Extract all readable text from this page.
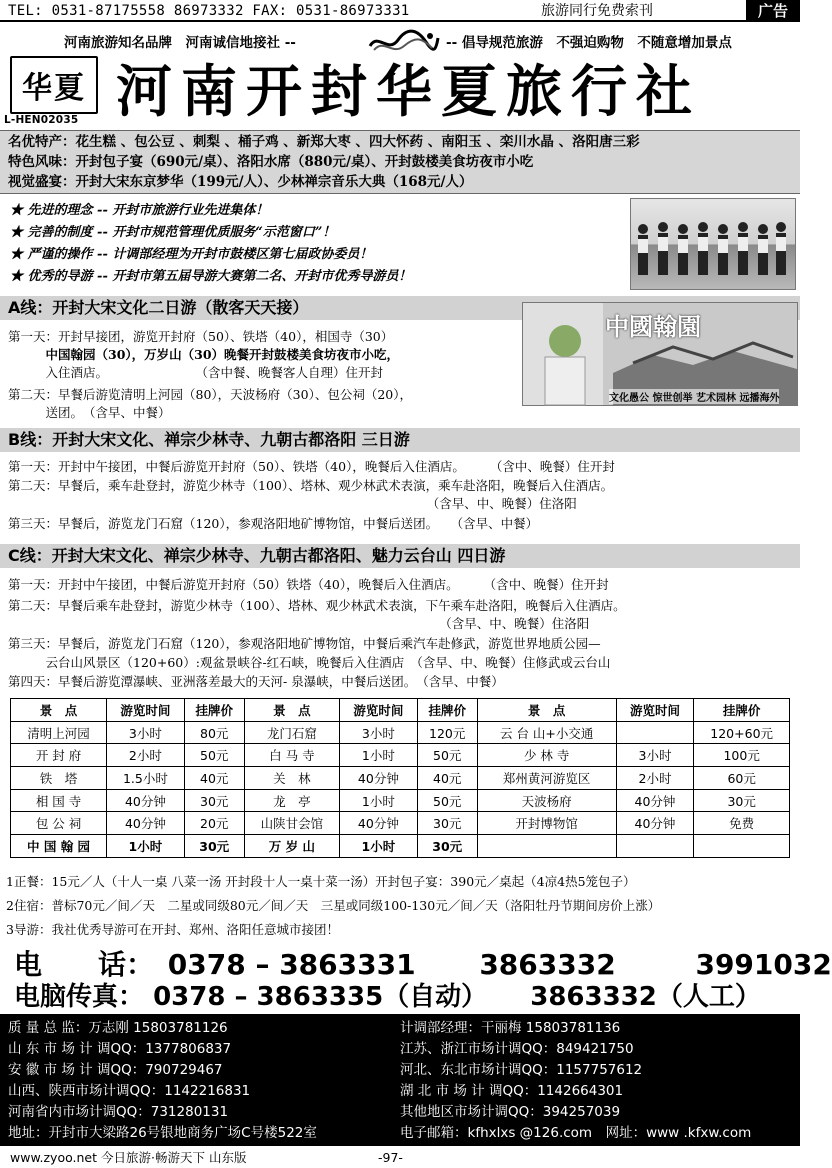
TEL: 0531-87175558 86973332 FAX: 0531-86973331	旅游同行免费索刊	广告
河南旅游知名品牌　河南诚信地接社 --	-- 倡导规范旅游　不强迫购物　不随意增加景点
华夏
L-HEN02035 河南开封华夏旅行社
名优特产：花生糕 、包公豆 、刺梨 、桶子鸡 、新郑大枣 、四大怀药 、南阳玉 、栾川水晶 、洛阳唐三彩
特色风味：开封包子宴（690元/桌）、洛阳水席（880元/桌）、开封鼓楼美食坊夜市小吃
视觉盛宴：开封大宋东京梦华（199元/人）、少林禅宗音乐大典（168元/人）
★ 先进的理念 -- 开封市旅游行业先进集体！
★ 完善的制度 -- 开封市规范管理优质服务“示范窗口”！
★ 严谨的操作 -- 计调部经理为开封市鼓楼区第七届政协委员！
★ 优秀的导游 -- 开封市第五届导游大赛第二名、开封市优秀导游员！
A线：开封大宋文化二日游（散客天天接）
第一天：开封早接团，游览开封府（50）、铁塔（40），相国寺（30）
　　　中国翰园（30），万岁山（30）晚餐开封鼓楼美食坊夜市小吃，
　　　入住酒店。　　　　　　　　（含中餐、晚餐客人自理）住开封
第二天：早餐后游览清明上河园（80），天波杨府（30）、包公祠（20），
　　　送团。　（含早、中餐）
中國翰園
文化愚公 惊世创举 艺术园林 远播海外
B线：开封大宋文化、禅宗少林寺、九朝古都洛阳 三日游
第一天：开封中午接团，中餐后游览开封府（50）、铁塔（40），晚餐后入住酒店。　　　（含中、晚餐）住开封
第二天：早餐后，乘车赴登封，游览少林寺（100）、塔林、观少林武术表演，乘车赴洛阳，晚餐后入住酒店。
　　　　　　　　　　　　　　　　　　　　　　　　　　　　　　　　　　（含早、中、晚餐）住洛阳
第三天：早餐后，游览龙门石窟（120），参观洛阳地矿博物馆，中餐后送团。　　（含早、中餐）
C线：开封大宋文化、禅宗少林寺、九朝古都洛阳、魅力云台山 四日游
第一天：开封中午接团，中餐后游览开封府（50）铁塔（40），晚餐后入住酒店。　　　（含中、晚餐）住开封
第二天：早餐后乘车赴登封，游览少林寺（100）、塔林、观少林武术表演，下午乘车赴洛阳，晚餐后入住酒店。
　　　　　　　　　　　　　　　　　　　　　　　　　　　　　　　　　　　（含早、中、晚餐）住洛阳
第三天：早餐后，游览龙门石窟（120），参观洛阳地矿博物馆，中餐后乘汽车赴修武，游览世界地质公园—
　　　云台山风景区（120+60）:观盆景峡谷-红石峡，晚餐后入住酒店　（含早、中、晚餐）住修武或云台山
第四天：早餐后游览潭瀑峡、亚洲落差最大的天河- 泉瀑峡，中餐后送团。　（含早、中餐）
景　点	游览时间	挂牌价	景　点	游览时间	挂牌价	景　点	游览时间	挂牌价
清明上河园	3小时	80元	龙门石窟	3小时	120元	云 台 山+小交通		120+60元
开 封 府	2小时	50元	白 马 寺	1小时	50元	少 林 寺	3小时	100元
铁　塔	1.5小时	40元	关　林	40分钟	40元	郑州黄河游览区	2小时	60元
相 国 寺	40分钟	30元	龙　亭	1小时	50元	天波杨府	40分钟	30元
包 公 祠	40分钟	20元	山陕甘会馆	40分钟	30元	开封博物馆	40分钟	免费
中 国 翰 园	1小时	30元	万 岁 山	1小时	30元			
1正餐：15元／人（十人一桌 八菜一汤 开封段十人一桌十菜一汤）开封包子宴：390元／桌起（4凉4热5笼包子）
2住宿：普标70元／间／天　二星或同级80元／间／天　三星或同级100-130元／间／天（洛阳牡丹节期间房价上涨）
3导游：我社优秀导游可在开封、郑州、洛阳任意城市接团！
电　　话： 0378 – 3863331 3863332	3991032
电脑传真： 0378 – 3863335（自动） 3863332（人工）
质 量 总 监：万志刚 15803781126
山 东 市 场 计 调QQ：1377806837
安 徽 市 场 计 调QQ：790729467
山西、陕西市场计调QQ：1142216831
河南省内市场计调QQ：731280131
地址：开封市大梁路26号银地商务广场C号楼522室
计调部经理：干丽梅 15803781136
江苏、浙江市场计调QQ：849421750
河北、东北市场计调QQ：1157757612
湖 北 市 场 计 调QQ：1142664301
其他地区市场计调QQ：394257039
电子邮箱：kfhxlxs @126.com　网址：www .kfxw.com
www.zyoo.net 今日旅游·畅游天下 山东版	-97-
